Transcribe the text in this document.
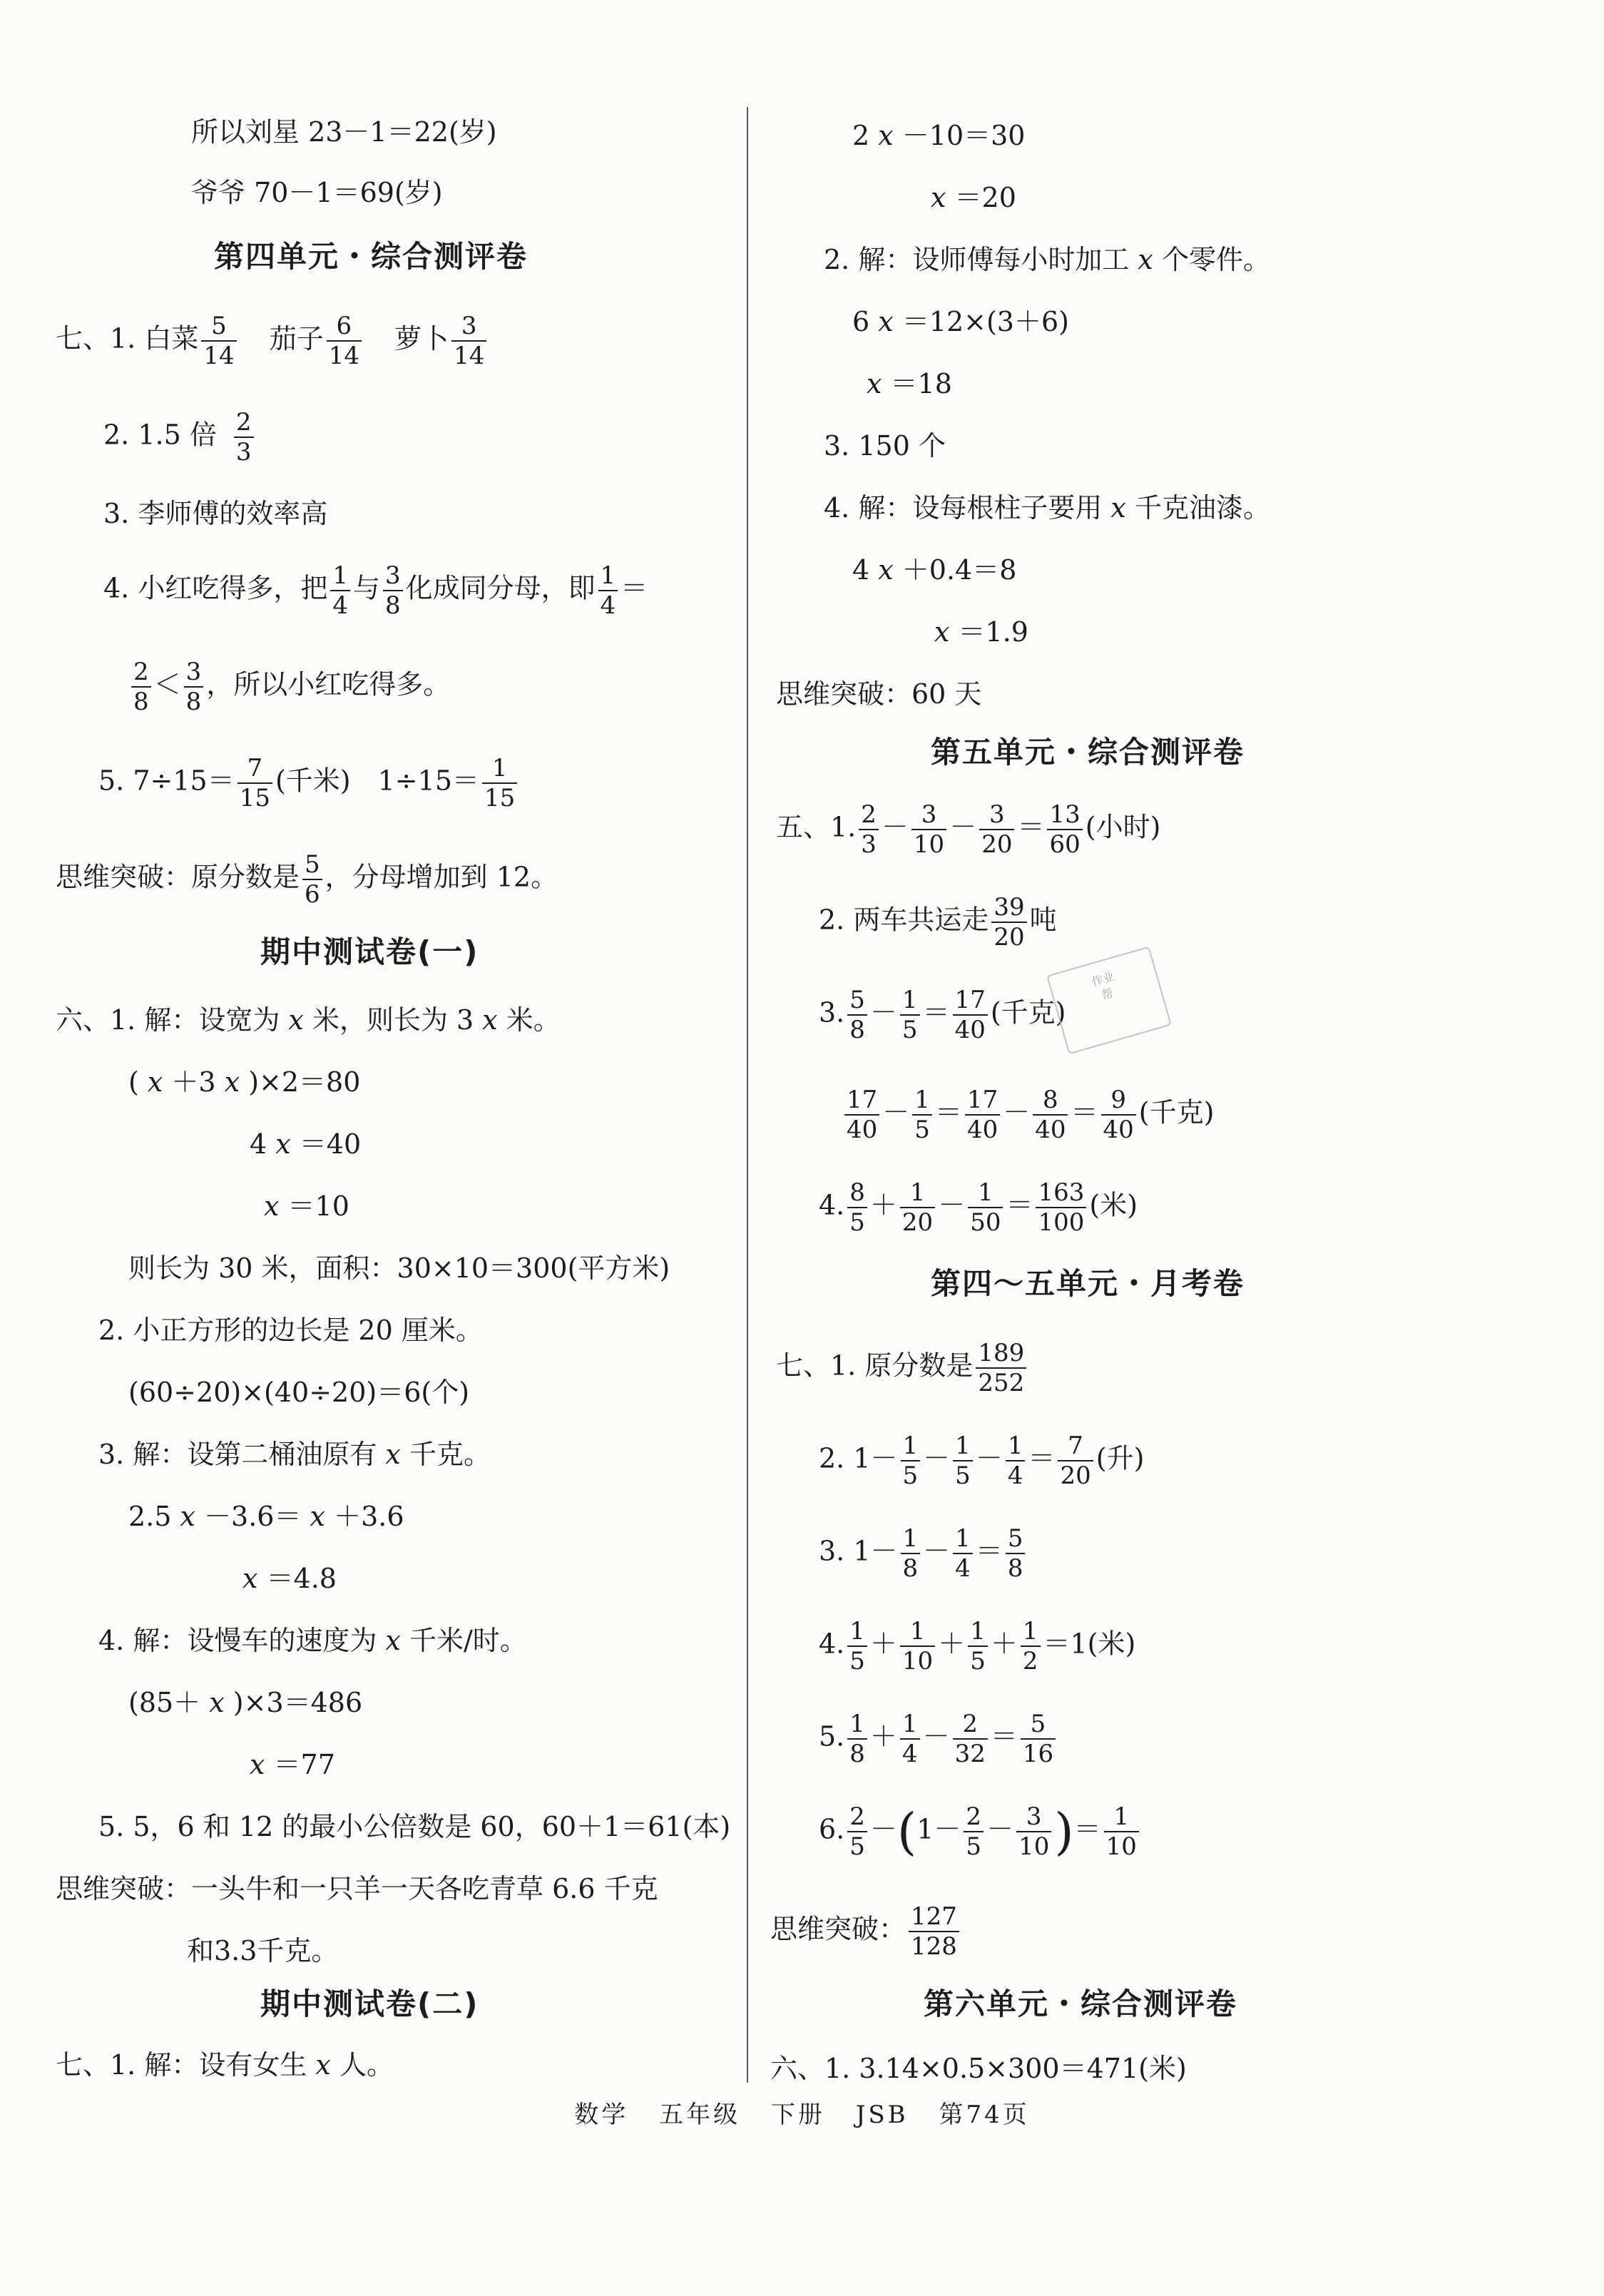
所以刘星 23－1＝22(岁)
爷爷 70－1＝69(岁)
第四单元・综合测评卷
七、1. 白菜 $\frac{5}{14}$ 茄子 $\frac{6}{14}$ 萝卜 $\frac{3}{14}$
2. 1.5 倍 $\frac{2}{3}$
3. 李师傅的效率高
4. 小红吃得多，把 $\frac{1}{4}$ 与 $\frac{3}{8}$ 化成同分母，即 $\frac{1}{4}$ ＝
$\frac{2}{8} < \frac{3}{8}$ ，所以小红吃得多。
5. $7\div 15= \frac{7}{15}$ (千米)　$1\div 15= \frac{1}{15}$
思维突破：原分数是 $\frac{5}{6}$ ，分母增加到 12。
期中测试卷(一)
六、1. 解：设宽为 x 米，则长为 3 x 米。
( x ＋3 x )×2＝80
4 x ＝40
x ＝10
则长为 30 米，面积：30×10＝300(平方米)
2. 小正方形的边长是 20 厘米。
(60÷20)×(40÷20)＝6(个)
3. 解：设第二桶油原有 x 千克。
2.5 x －3.6＝ x ＋3.6
x ＝4.8
4. 解：设慢车的速度为 x 千米/时。
(85＋ x )×3＝486
x ＝77
5. 5，6 和 12 的最小公倍数是 60，60＋1＝61(本)
思维突破：一头牛和一只羊一天各吃青草 6.6 千克
和3.3千克。
期中测试卷(二)
七、1. 解：设有女生 x 人。
2 x －10＝30
x ＝20
2. 解：设师傅每小时加工 x 个零件。
6 x ＝12×(3＋6)
x ＝18
3. 150 个
4. 解：设每根柱子要用 x 千克油漆。
4 x ＋0.4＝8
x ＝1.9
思维突破：60 天
第五单元・综合测评卷
五、1. $\frac{2}{3} - \frac{3}{10} - \frac{3}{20} = \frac{13}{60}$ (小时)
2. 两车共运走 $\frac{39}{20}$ 吨
3. $\frac{5}{8} - \frac{1}{5} = \frac{17}{40}$ (千克)
$\frac{17}{40} - \frac{1}{5} = \frac{17}{40} - \frac{8}{40} = \frac{9}{40}$ (千克)
4. $\frac{8}{5} + \frac{1}{20} - \frac{1}{50} = \frac{163}{100}$ (米)
第四～五单元・月考卷
七、1. 原分数是 $\frac{189}{252}$
2. $1- \frac{1}{5} - \frac{1}{5} - \frac{1}{4} = \frac{7}{20}$ (升)
3. $1- \frac{1}{8} - \frac{1}{4} = \frac{5}{8}$
4. $\frac{1}{5} + \frac{1}{10} + \frac{1}{5} + \frac{1}{2} =1$(米)
5. $\frac{1}{8} + \frac{1}{4} - \frac{2}{32} = \frac{5}{16}$
6. $\frac{2}{5} -(1- \frac{2}{5} - \frac{3}{10}$ )＝ $\frac{1}{10}$
思维突破： $\frac{127}{128}$
第六单元・综合测评卷
六、1. 3.14×0.5×300＝471(米)
作业
帮
数学 五年级 下册 JSB 第74页
